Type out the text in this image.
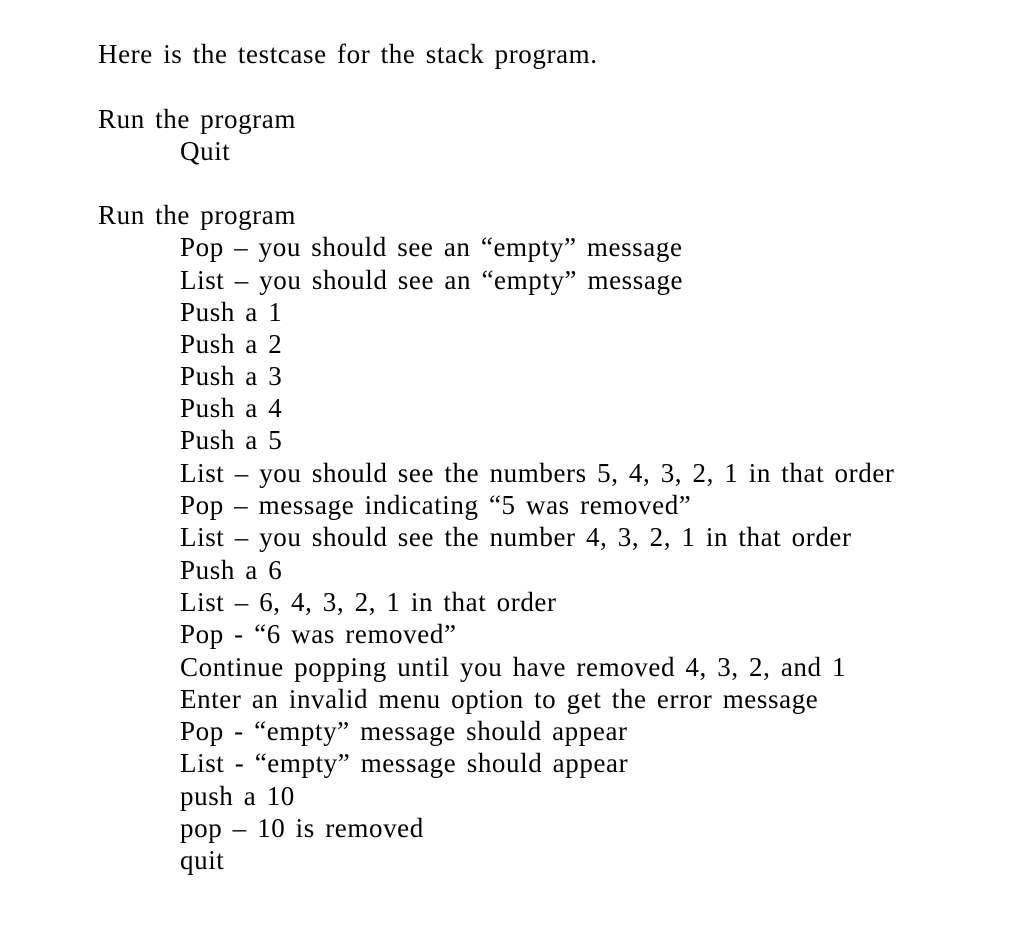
Here is the testcase for the stack program.
Run the program
Quit
Run the program
Pop – you should see an “empty” message
List – you should see an “empty” message
Push a 1
Push a 2
Push a 3
Push a 4
Push a 5
List – you should see the numbers 5, 4, 3, 2, 1 in that order
Pop – message indicating “5 was removed”
List – you should see the number 4, 3, 2, 1 in that order
Push a 6
List – 6, 4, 3, 2, 1 in that order
Pop - “6 was removed”
Continue popping until you have removed 4, 3, 2, and 1
Enter an invalid menu option to get the error message
Pop - “empty” message should appear
List - “empty” message should appear
push a 10
pop – 10 is removed
quit
